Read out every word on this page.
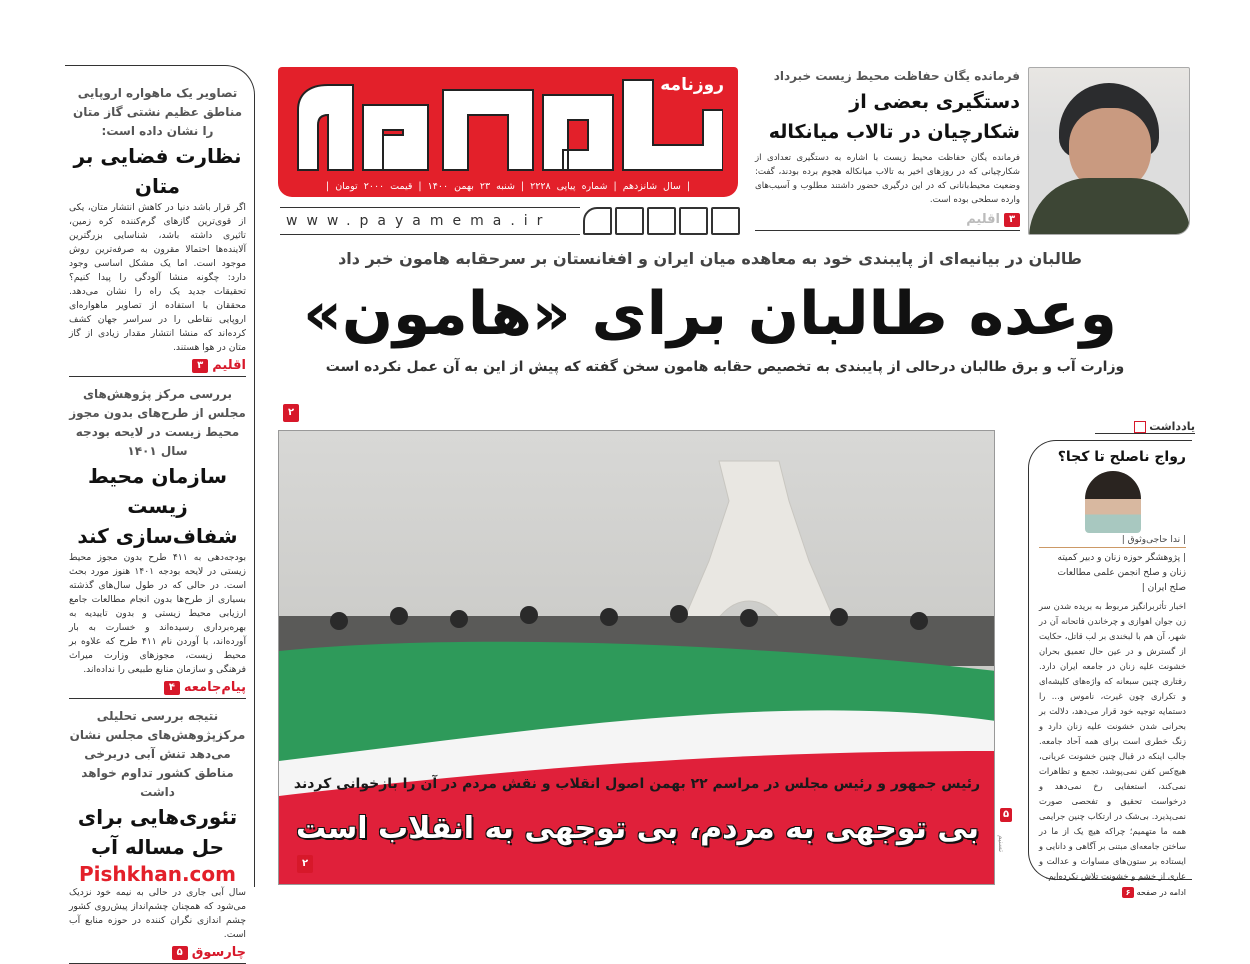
تصاویر یک ماهواره اروپایی مناطق عظیم نشتی گاز متان را نشان داده است:
نظارت فضایی بر متان
اگر قرار باشد دنیا در کاهش انتشار متان، یکی از قوی‌ترین گازهای گرم‌کننده کره زمین، تاثیری داشته باشد، شناسایی بزرگترین آلاینده‌ها احتمالا مقرون به صرفه‌ترین روش موجود است. اما یک مشکل اساسی وجود دارد: چگونه منشا آلودگی را پیدا کنیم؟ تحقیقات جدید یک راه را نشان می‌دهد. محققان با استفاده از تصاویر ماهواره‌ای اروپایی نقاطی را در سراسر جهان کشف کرده‌اند که منشا انتشار مقدار زیادی از گاز متان در هوا هستند.
۳ اقلیم
بررسی مرکز پژوهش‌های مجلس از طرح‌های بدون مجوز محیط زیست در لایحه بودجه سال ۱۴۰۱
سازمان محیط زیست شفاف‌سازی کند
بودجه‌دهی به ۴۱۱ طرح بدون مجوز محیط زیستی در لایحه بودجه ۱۴۰۱ هنوز مورد بحث است. در حالی که در طول سال‌های گذشته بسیاری از طرح‌ها بدون انجام مطالعات جامع ارزیابی محیط زیستی و بدون تاییدیه به بهره‌برداری رسیده‌اند و خسارت به بار آورده‌اند، با آوردن نام ۴۱۱ طرح که علاوه بر محیط زیست، مجوزهای وزارت میراث فرهنگی و سازمان منابع طبیعی را نداده‌اند.
۴ پیام‌جامعه
نتیجه بررسی تحلیلی مرکزپژوهش‌های مجلس نشان می‌دهد تنش آبی دربرخی مناطق کشور تداوم خواهد داشت
تئوری‌هایی برای حل مساله آب
Pishkhan.com
سال آبی جاری در حالی به نیمه خود نزدیک می‌شود که همچنان چشم‌انداز پیش‌روی کشور چشم اندازی نگران کننده در حوزه منابع آب است.
۵ چارسوق
روزنامه
| سال شانزدهم | شماره پیاپی ۲۲۲۸ | شنبه ۲۳ بهمن ۱۴۰۰ | قیمت ۲۰۰۰ تومان |
www.payamema.ir
فرمانده یگان حفاظت محیط زیست خبرداد
دستگیری بعضی از شکارچیان در تالاب میانکاله
فرمانده یگان حفاظت محیط زیست با اشاره به دستگیری تعدادی از شکارچیانی که در روزهای اخیر به تالاب میانکاله هجوم برده بودند، گفت: وضعیت محیط‌بانانی که در این درگیری حضور داشتند مطلوب و آسیب‌های وارده سطحی بوده است.
اقلیم ۳
طالبان در بیانیه‌ای از پایبندی خود به معاهده میان ایران و افغانستان بر سرحقابه هامون خبر داد
وعده طالبان برای «هامون»
وزارت آب و برق طالبان درحالی از پایبندی به تخصیص حقابه هامون سخن گفته که پیش از این به آن عمل نکرده است
۲
رئیس جمهور و رئیس مجلس در مراسم ۲۲ بهمن اصول انقلاب و نقش مردم در آن را بازخوانی کردند
بی توجهی به مردم، بی توجهی به انقلاب است
۲
۵
تسنیم
یادداشت
رواج ناصلح تا کجا؟
| ندا حاجی‌وثوق |
| پژوهشگر حوزه زنان و دبیر کمیته زنان و صلح انجمن علمی مطالعات صلح ایران |
اخبار تأثربرانگیز مربوط به بریده شدن سر زن جوان اهوازی و چرخاندن فاتحانه آن در شهر، آن هم با لبخندی بر لب قاتل، حکایت از گسترش و در عین حال تعمیق بحران خشونت علیه زنان در جامعه ایران دارد. رفتاری چنین سبعانه که واژه‌های کلیشه‌ای و تکراری چون غیرت، ناموس و... را دستمایه توجیه خود قرار می‌دهد، دلالت بر بحرانی شدن خشونت علیه زنان دارد و زنگ خطری است برای همه آحاد جامعه. جالب اینکه در قبال چنین خشونت عریانی، هیچ‌کس کفن نمی‌پوشد، تجمع و تظاهرات نمی‌کند، استعفایی رخ نمی‌دهد و درخواست تحقیق و تفحصی صورت نمی‌پذیرد. بی‌شک در ارتکاب چنین جرایمی همه ما متهمیم؛ چراکه هیچ یک از ما در ساختن جامعه‌ای مبتنی بر آگاهی و دانایی و ایستاده بر ستون‌های مساوات و عدالت و عاری از خشم و خشونت تلاش نکرده‌ایم.
ادامه در صفحه ۶
